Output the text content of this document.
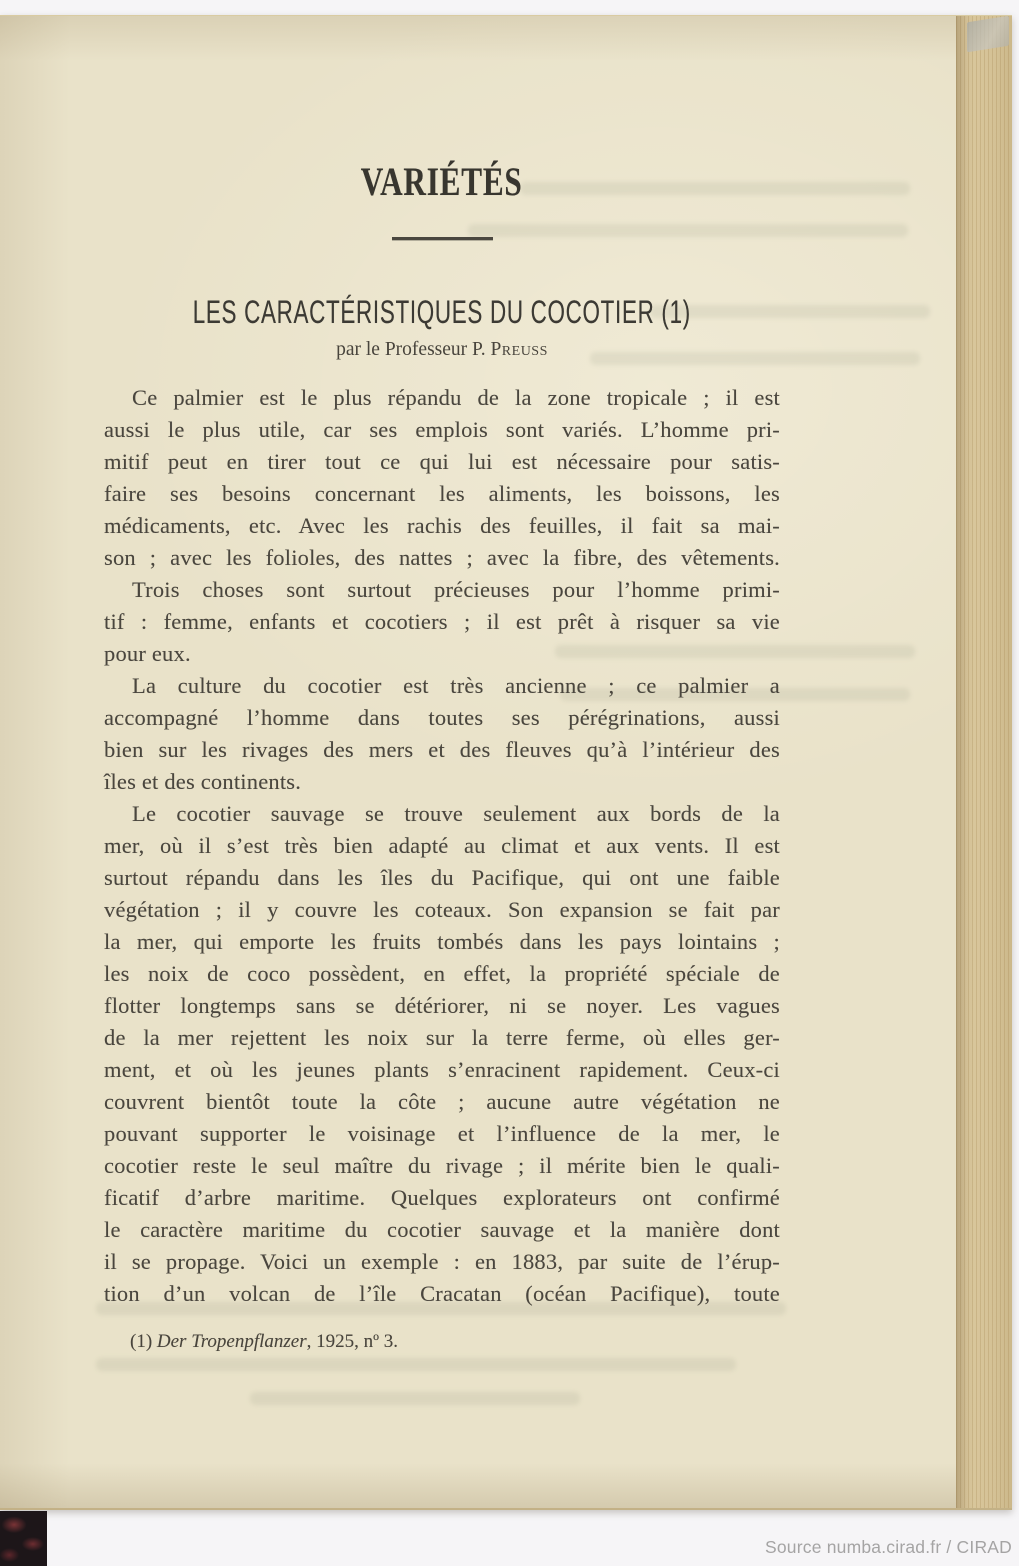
VARIÉTÉS
LES CARACTÉRISTIQUES DU COCOTIER (1)
par le Professeur P. Preuss
Ce palmier est le plus répandu de la zone tropicale ; il est
aussi le plus utile, car ses emplois sont variés. L’homme pri-
mitif peut en tirer tout ce qui lui est nécessaire pour satis-
faire ses besoins concernant les aliments, les boissons, les
médicaments, etc. Avec les rachis des feuilles, il fait sa mai-
son ; avec les folioles, des nattes ; avec la fibre, des vêtements.
Trois choses sont surtout précieuses pour l’homme primi-
tif : femme, enfants et cocotiers ; il est prêt à risquer sa vie
pour eux.
La culture du cocotier est très ancienne ; ce palmier a
accompagné l’homme dans toutes ses pérégrinations, aussi
bien sur les rivages des mers et des fleuves qu’à l’intérieur des
îles et des continents.
Le cocotier sauvage se trouve seulement aux bords de la
mer, où il s’est très bien adapté au climat et aux vents. Il est
surtout répandu dans les îles du Pacifique, qui ont une faible
végétation ; il y couvre les coteaux. Son expansion se fait par
la mer, qui emporte les fruits tombés dans les pays lointains ;
les noix de coco possèdent, en effet, la propriété spéciale de
flotter longtemps sans se détériorer, ni se noyer. Les vagues
de la mer rejettent les noix sur la terre ferme, où elles ger-
ment, et où les jeunes plants s’enracinent rapidement. Ceux-ci
couvrent bientôt toute la côte ; aucune autre végétation ne
pouvant supporter le voisinage et l’influence de la mer, le
cocotier reste le seul maître du rivage ; il mérite bien le quali-
ficatif d’arbre maritime. Quelques explorateurs ont confirmé
le caractère maritime du cocotier sauvage et la manière dont
il se propage. Voici un exemple : en 1883, par suite de l’érup-
tion d’un volcan de l’île Cracatan (océan Pacifique), toute
(1) Der Tropenpflanzer, 1925, nº 3.
Source numba.cirad.fr / CIRAD
